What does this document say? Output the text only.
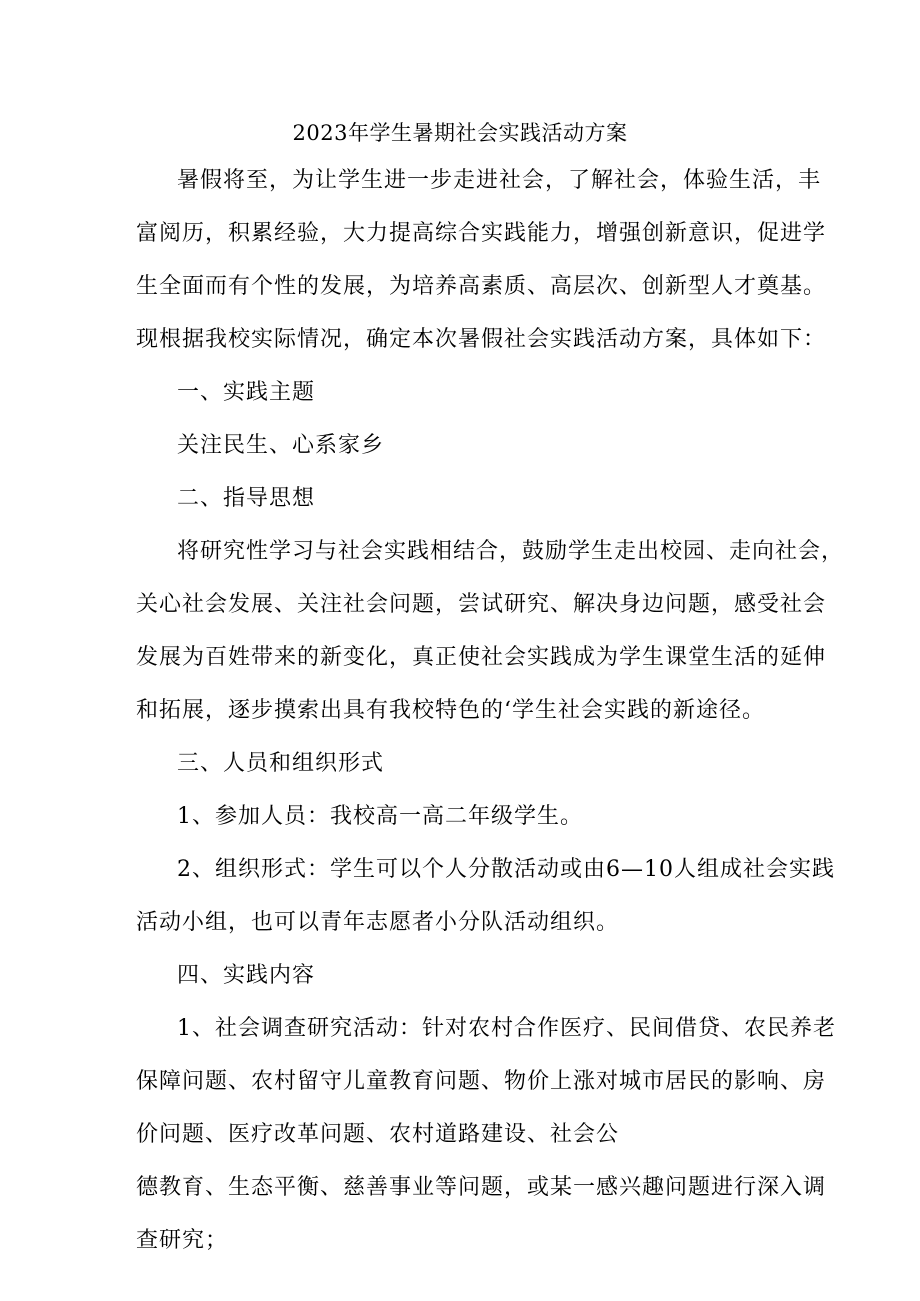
2023年学生暑期社会实践活动方案
暑假将至，为让学生进一步走进社会，了解社会，体验生活，丰
富阅历，积累经验，大力提高综合实践能力，增强创新意识，促进学
生全面而有个性的发展，为培养高素质、高层次、创新型人才奠基。
现根据我校实际情况，确定本次暑假社会实践活动方案，具体如下：
一、实践主题
关注民生、心系家乡
二、指导思想
将研究性学习与社会实践相结合，鼓励学生走出校园、走向社会，
关心社会发展、关注社会问题，尝试研究、解决身边问题，感受社会
发展为百姓带来的新变化，真正使社会实践成为学生课堂生活的延伸
和拓展，逐步摸索出具有我校特色的‘学生社会实践的新途径。
三、人员和组织形式
1、参加人员：我校高一高二年级学生。
2、组织形式：学生可以个人分散活动或由6—10人组成社会实践
活动小组，也可以青年志愿者小分队活动组织。
四、实践内容
1、社会调查研究活动：针对农村合作医疗、民间借贷、农民养老
保障问题、农村留守儿童教育问题、物价上涨对城市居民的影响、房
价问题、医疗改革问题、农村道路建设、社会公
德教育、生态平衡、慈善事业等问题，或某一感兴趣问题进行深入调
查研究；
